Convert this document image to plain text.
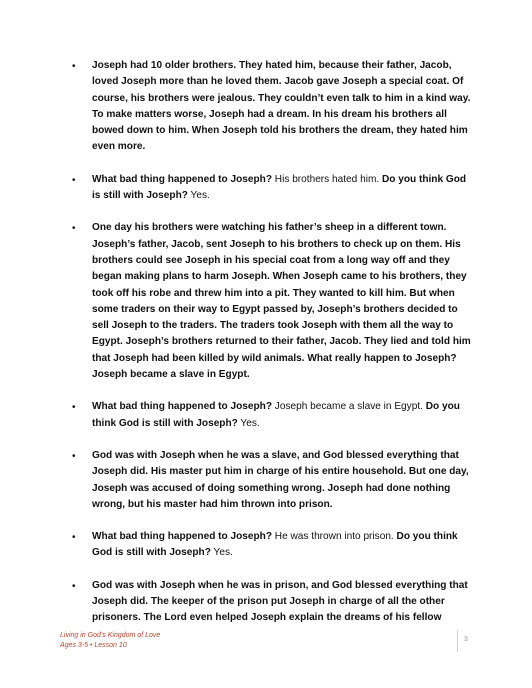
•	Joseph had 10 older brothers. They hated him, because their father, Jacob, loved Joseph more than he loved them. Jacob gave Joseph a special coat. Of course, his brothers were jealous. They couldn’t even talk to him in a kind way. To make matters worse, Joseph had a dream. In his dream his brothers all bowed down to him. When Joseph told his brothers the dream, they hated him even more.
•	What bad thing happened to Joseph? His brothers hated him. Do you think God is still with Joseph? Yes.
•	One day his brothers were watching his father’s sheep in a different town. Joseph’s father, Jacob, sent Joseph to his brothers to check up on them. His brothers could see Joseph in his special coat from a long way off and they began making plans to harm Joseph. When Joseph came to his brothers, they took off his robe and threw him into a pit. They wanted to kill him. But when some traders on their way to Egypt passed by, Joseph’s brothers decided to sell Joseph to the traders. The traders took Joseph with them all the way to Egypt. Joseph’s brothers returned to their father, Jacob. They lied and told him that Joseph had been killed by wild animals. What really happen to Joseph? Joseph became a slave in Egypt.
•	What bad thing happened to Joseph? Joseph became a slave in Egypt. Do you think God is still with Joseph? Yes.
•	God was with Joseph when he was a slave, and God blessed everything that Joseph did. His master put him in charge of his entire household. But one day, Joseph was accused of doing something wrong. Joseph had done nothing wrong, but his master had him thrown into prison.
•	What bad thing happened to Joseph? He was thrown into prison. Do you think God is still with Joseph? Yes.
•	God was with Joseph when he was in prison, and God blessed everything that Joseph did. The keeper of the prison put Joseph in charge of all the other prisoners. The Lord even helped Joseph explain the dreams of his fellow
Living in God’s Kingdom of Love
Ages 3-5 • Lesson 10
3
